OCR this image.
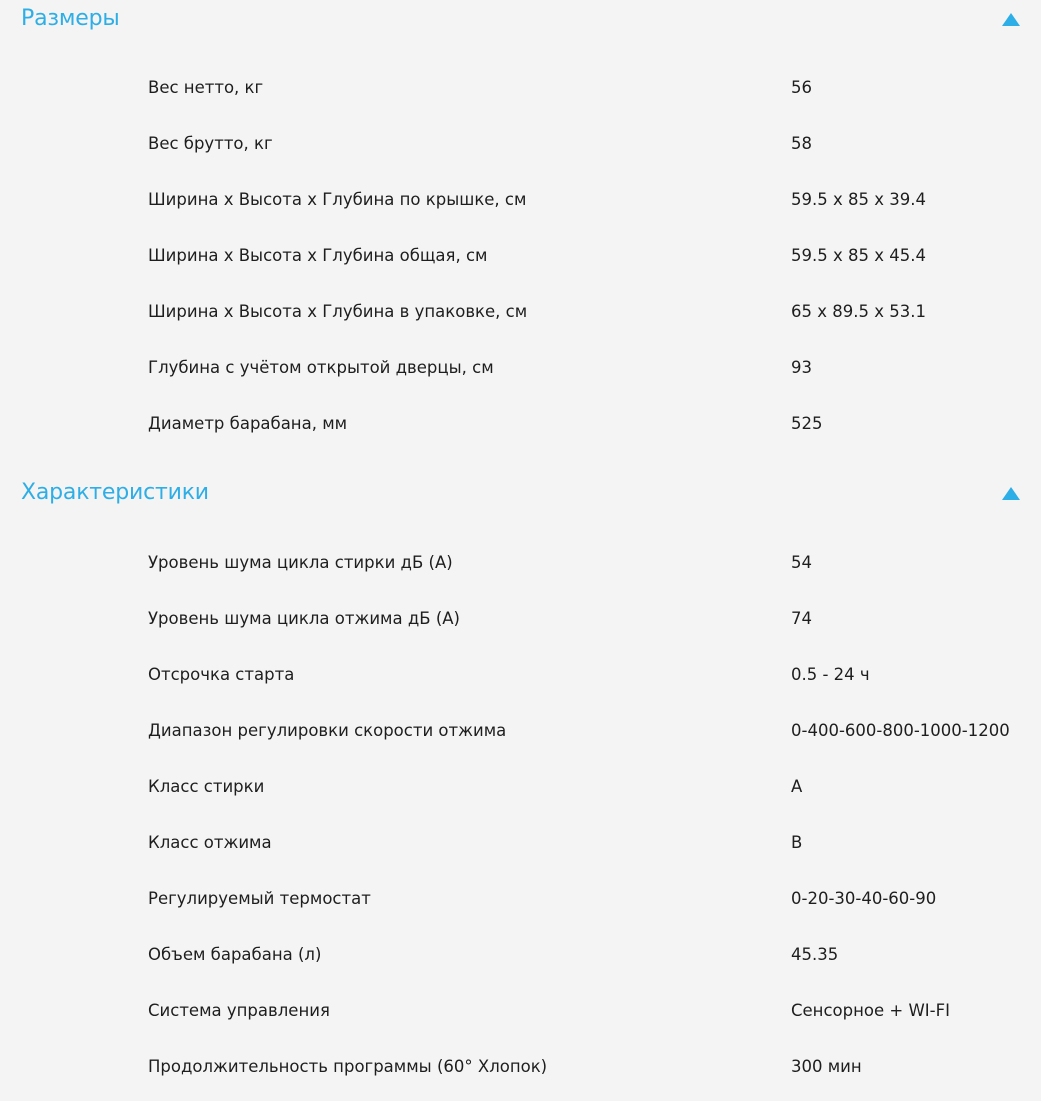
Размеры
Вес нетто, кг	56
Вес брутто, кг	58
Ширина x Высота x Глубина по крышке, см	59.5 x 85 x 39.4
Ширина x Высота x Глубина общая, см	59.5 x 85 x 45.4
Ширина x Высота x Глубина в упаковке, см	65 x 89.5 x 53.1
Глубина с учётом открытой дверцы, см	93
Диаметр барабана, мм	525
Характеристики
Уровень шума цикла стирки дБ (А)	54
Уровень шума цикла отжима дБ (А)	74
Отсрочка старта	0.5 - 24 ч
Диапазон регулировки скорости отжима	0-400-600-800-1000-1200
Класс стирки	A
Класс отжима	B
Регулируемый термостат	0-20-30-40-60-90
Объем барабана (л)	45.35
Система управления	Сенсорное + WI-FI
Продолжительность программы (60° Хлопок)	300 мин
